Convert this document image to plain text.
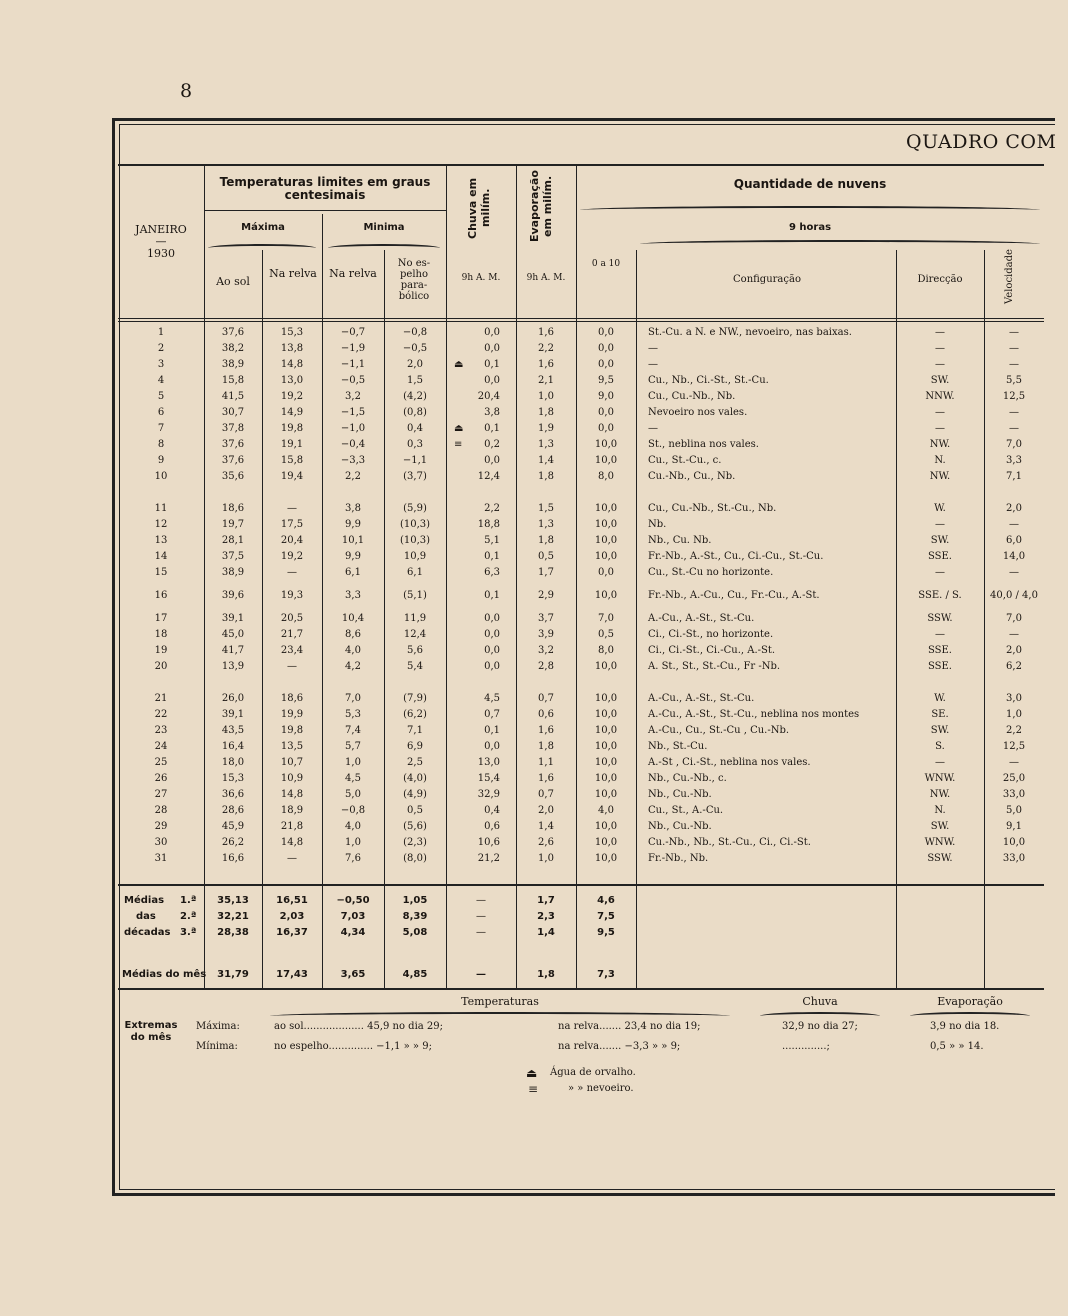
8
QUADRO COM
JANEIRO
—
1930
Temperaturas limites em graus centesimais
Máxima	Minima
Ao sol
Na relva Na relva
No es- pelho para- bólico
Chuva em milím.	Evaporação em milím.
9h A. M.	9h A. M.
Quantidade de nuvens
9 horas
0 a 10
Configuração	Direcção	Velocidade
1	37,6	15,3	−0,7	−0,8	0,0	1,6	0,0	St.-Cu. a N. e NW., nevoeiro, nas baixas.	—	—
2	38,2	13,8	−1,9	−0,5	0,0	2,2	0,0	—	—	—
3	38,9	14,8	−1,1	2,0	⏏	0,1	1,6	0,0	—	—	—
4	15,8	13,0	−0,5	1,5	0,0	2,1	9,5	Cu., Nb., Ci.-St., St.-Cu.	SW.	5,5
5	41,5	19,2	3,2	(4,2)	20,4	1,0	9,0	Cu., Cu.-Nb., Nb.	NNW.	12,5
6	30,7	14,9	−1,5	(0,8)	3,8	1,8	0,0	Nevoeiro nos vales.	—	—
7	37,8	19,8	−1,0	0,4	⏏	0,1	1,9	0,0	—	—	—
8	37,6	19,1	−0,4	0,3	≡	0,2	1,3	10,0	St., neblina nos vales.	NW.	7,0
9	37,6	15,8	−3,3	−1,1	0,0	1,4	10,0	Cu., St.-Cu., c.	N.	3,3
10	35,6	19,4	2,2	(3,7)	12,4	1,8	8,0	Cu.-Nb., Cu., Nb.	NW.	7,1
11	18,6	—	3,8	(5,9)	2,2	1,5	10,0	Cu., Cu.-Nb., St.-Cu., Nb.	W.	2,0
12	19,7	17,5	9,9	(10,3)	18,8	1,3	10,0	Nb.	—	—
13	28,1	20,4	10,1	(10,3)	5,1	1,8	10,0	Nb., Cu. Nb.	SW.	6,0
14	37,5	19,2	9,9	10,9	0,1	0,5	10,0	Fr.-Nb., A.-St., Cu., Ci.-Cu., St.-Cu.	SSE.	14,0
15	38,9	—	6,1	6,1	6,3	1,7	0,0	Cu., St.-Cu no horizonte.	—	—
16	39,6	19,3	3,3	(5,1)	0,1	2,9	10,0	Fr.-Nb., A.-Cu., Cu., Fr.-Cu., A.-St.	SSE. / S.	40,0 / 4,0
17	39,1	20,5	10,4	11,9	0,0	3,7	7,0	A.-Cu., A.-St., St.-Cu.	SSW.	7,0
18	45,0	21,7	8,6	12,4	0,0	3,9	0,5	Ci., Ci.-St., no horizonte.	—	—
19	41,7	23,4	4,0	5,6	0,0	3,2	8,0	Ci., Ci.-St., Ci.-Cu., A.-St.	SSE.	2,0
20	13,9	—	4,2	5,4	0,0	2,8	10,0	A. St., St., St.-Cu., Fr -Nb.	SSE.	6,2
21	26,0	18,6	7,0	(7,9)	4,5	0,7	10,0	A.-Cu., A.-St., St.-Cu.	W.	3,0
22	39,1	19,9	5,3	(6,2)	0,7	0,6	10,0	A.-Cu., A.-St., St.-Cu., neblina nos montes	SE.	1,0
23	43,5	19,8	7,4	7,1	0,1	1,6	10,0	A.-Cu., Cu., St.-Cu , Cu.-Nb.	SW.	2,2
24	16,4	13,5	5,7	6,9	0,0	1,8	10,0	Nb., St.-Cu.	S.	12,5
25	18,0	10,7	1,0	2,5	13,0	1,1	10,0	A.-St , Ci.-St., neblina nos vales.	—	—
26	15,3	10,9	4,5	(4,0)	15,4	1,6	10,0	Nb., Cu.-Nb., c.	WNW.	25,0
27	36,6	14,8	5,0	(4,9)	32,9	0,7	10,0	Nb., Cu.-Nb.	NW.	33,0
28	28,6	18,9	−0,8	0,5	0,4	2,0	4,0	Cu., St., A.-Cu.	N.	5,0
29	45,9	21,8	4,0	(5,6)	0,6	1,4	10,0	Nb., Cu.-Nb.	SW.	9,1
30	26,2	14,8	1,0	(2,3)	10,6	2,6	10,0	Cu.-Nb., Nb., St.-Cu., Ci., Ci.-St.	WNW.	10,0
31	16,6	—	7,6	(8,0)	21,2	1,0	10,0	Fr.-Nb., Nb.	SSW.	33,0
Médias
das
décadas
1.ª	35,13	16,51	−0,50	1,05	—	1,7	4,6
2.ª	32,21	2,03	7,03	8,39	—	2,3	7,5
3.ª	28,38	16,37	4,34	5,08	—	1,4	9,5
Médias do mês	31,79	17,43	3,65	4,85	—	1,8	7,3
Temperaturas	Chuva	Evaporação
Extremas do mês
Máxima:
Mínima:
ao sol................... 45,9 no dia 29;	na relva....... 23,4 no dia 19;	32,9 no dia 27;	3,9 no dia 18.
no espelho.............. −1,1 » » 9;	na relva....... −3,3 » » 9;	..............;	0,5 » » 14.
⏏ Água de orvalho.
≡	» » nevoeiro.
